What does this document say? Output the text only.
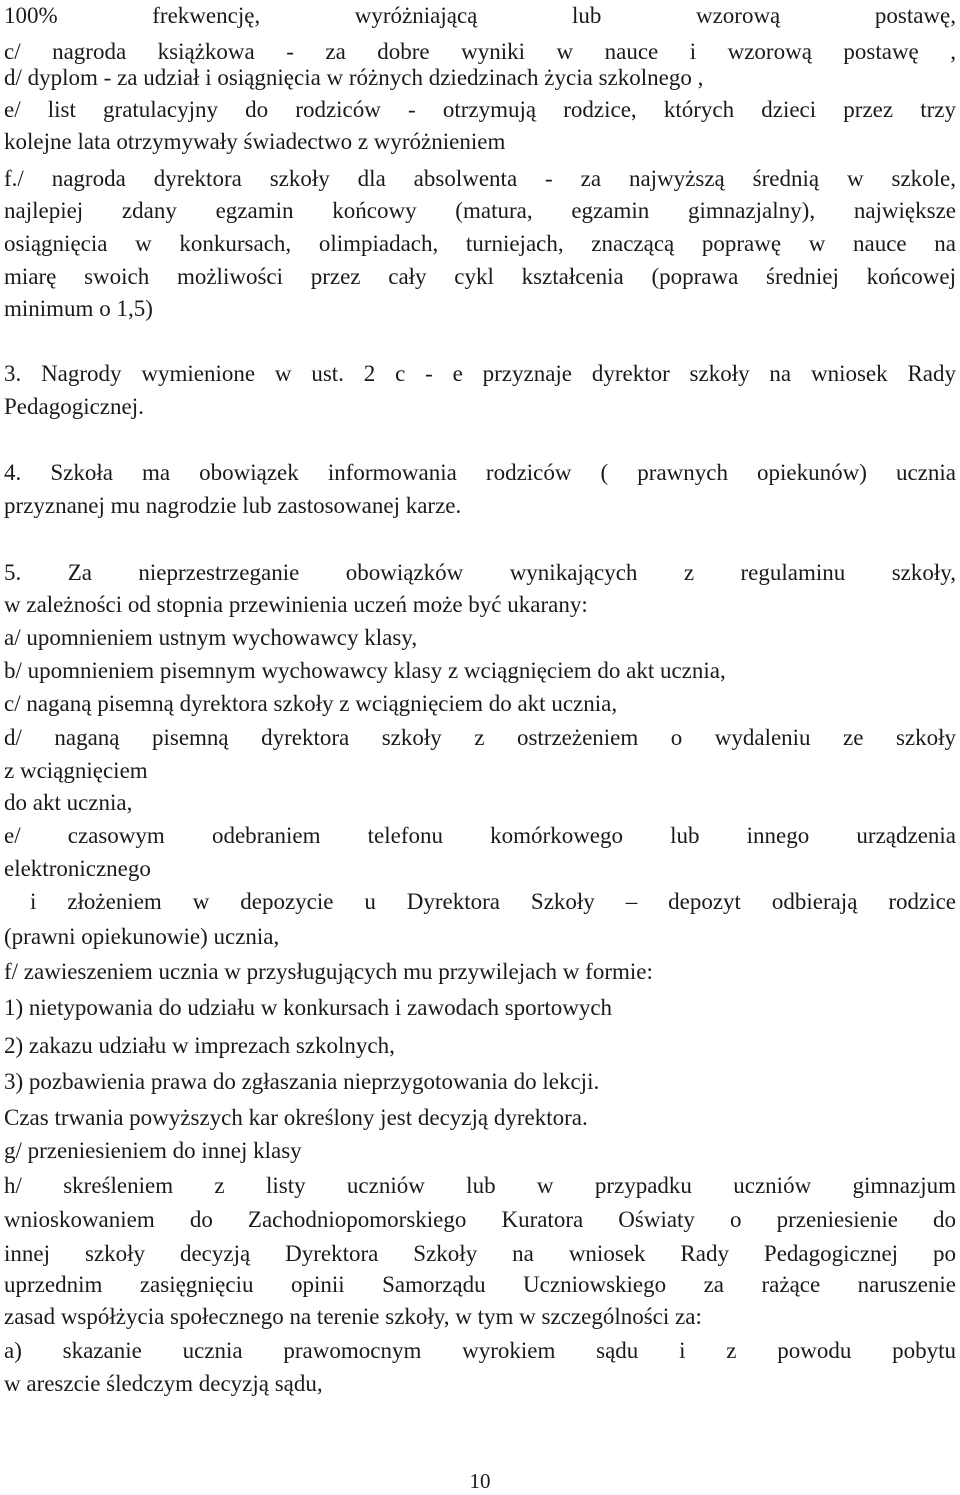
100% frekwencję, wyróżniającą lub wzorową postawę,
c/ nagroda książkowa - za dobre wyniki w nauce i wzorową postawę ,
d/ dyplom - za udział i osiągnięcia w różnych dziedzinach życia szkolnego ,
e/ list gratulacyjny do rodziców - otrzymują rodzice, których dzieci przez trzy
kolejne lata otrzymywały świadectwo z wyróżnieniem
f./ nagroda dyrektora szkoły dla absolwenta - za najwyższą średnią w szkole,
najlepiej zdany egzamin końcowy (matura, egzamin gimnazjalny), największe
osiągnięcia w konkursach, olimpiadach, turniejach, znaczącą poprawę w nauce na
miarę swoich możliwości przez cały cykl kształcenia (poprawa średniej końcowej
minimum o 1,5)
3. Nagrody wymienione w ust. 2 c - e przyznaje dyrektor szkoły na wniosek Rady
Pedagogicznej.
4. Szkoła ma obowiązek informowania rodziców ( prawnych opiekunów) ucznia
przyznanej mu nagrodzie lub zastosowanej karze.
5. Za nieprzestrzeganie obowiązków wynikających z regulaminu szkoły,
w zależności od stopnia przewinienia uczeń może być ukarany:
a/ upomnieniem ustnym wychowawcy klasy,
b/ upomnieniem pisemnym wychowawcy klasy z wciągnięciem do akt ucznia,
c/ naganą pisemną dyrektora szkoły z wciągnięciem do akt ucznia,
d/ naganą pisemną dyrektora szkoły z ostrzeżeniem o wydaleniu ze szkoły
z wciągnięciem
do akt ucznia,
e/ czasowym odebraniem telefonu komórkowego lub innego urządzenia
elektronicznego
i złożeniem w depozycie u Dyrektora Szkoły – depozyt odbierają rodzice
(prawni opiekunowie) ucznia,
f/ zawieszeniem ucznia w przysługujących mu przywilejach w formie:
1) nietypowania do udziału w konkursach i zawodach sportowych
2) zakazu udziału w imprezach szkolnych,
3) pozbawienia prawa do zgłaszania nieprzygotowania do lekcji.
Czas trwania powyższych kar określony jest decyzją dyrektora.
g/ przeniesieniem do innej klasy
h/ skreśleniem z listy uczniów lub w przypadku uczniów gimnazjum
wnioskowaniem do Zachodniopomorskiego Kuratora Oświaty o przeniesienie do
innej szkoły decyzją Dyrektora Szkoły na wniosek Rady Pedagogicznej po
uprzednim zasięgnięciu opinii Samorządu Uczniowskiego za rażące naruszenie
zasad współżycia społecznego na terenie szkoły, w tym w szczególności za:
a) skazanie ucznia prawomocnym wyrokiem sądu i z powodu pobytu
w areszcie śledczym decyzją sądu,
10
